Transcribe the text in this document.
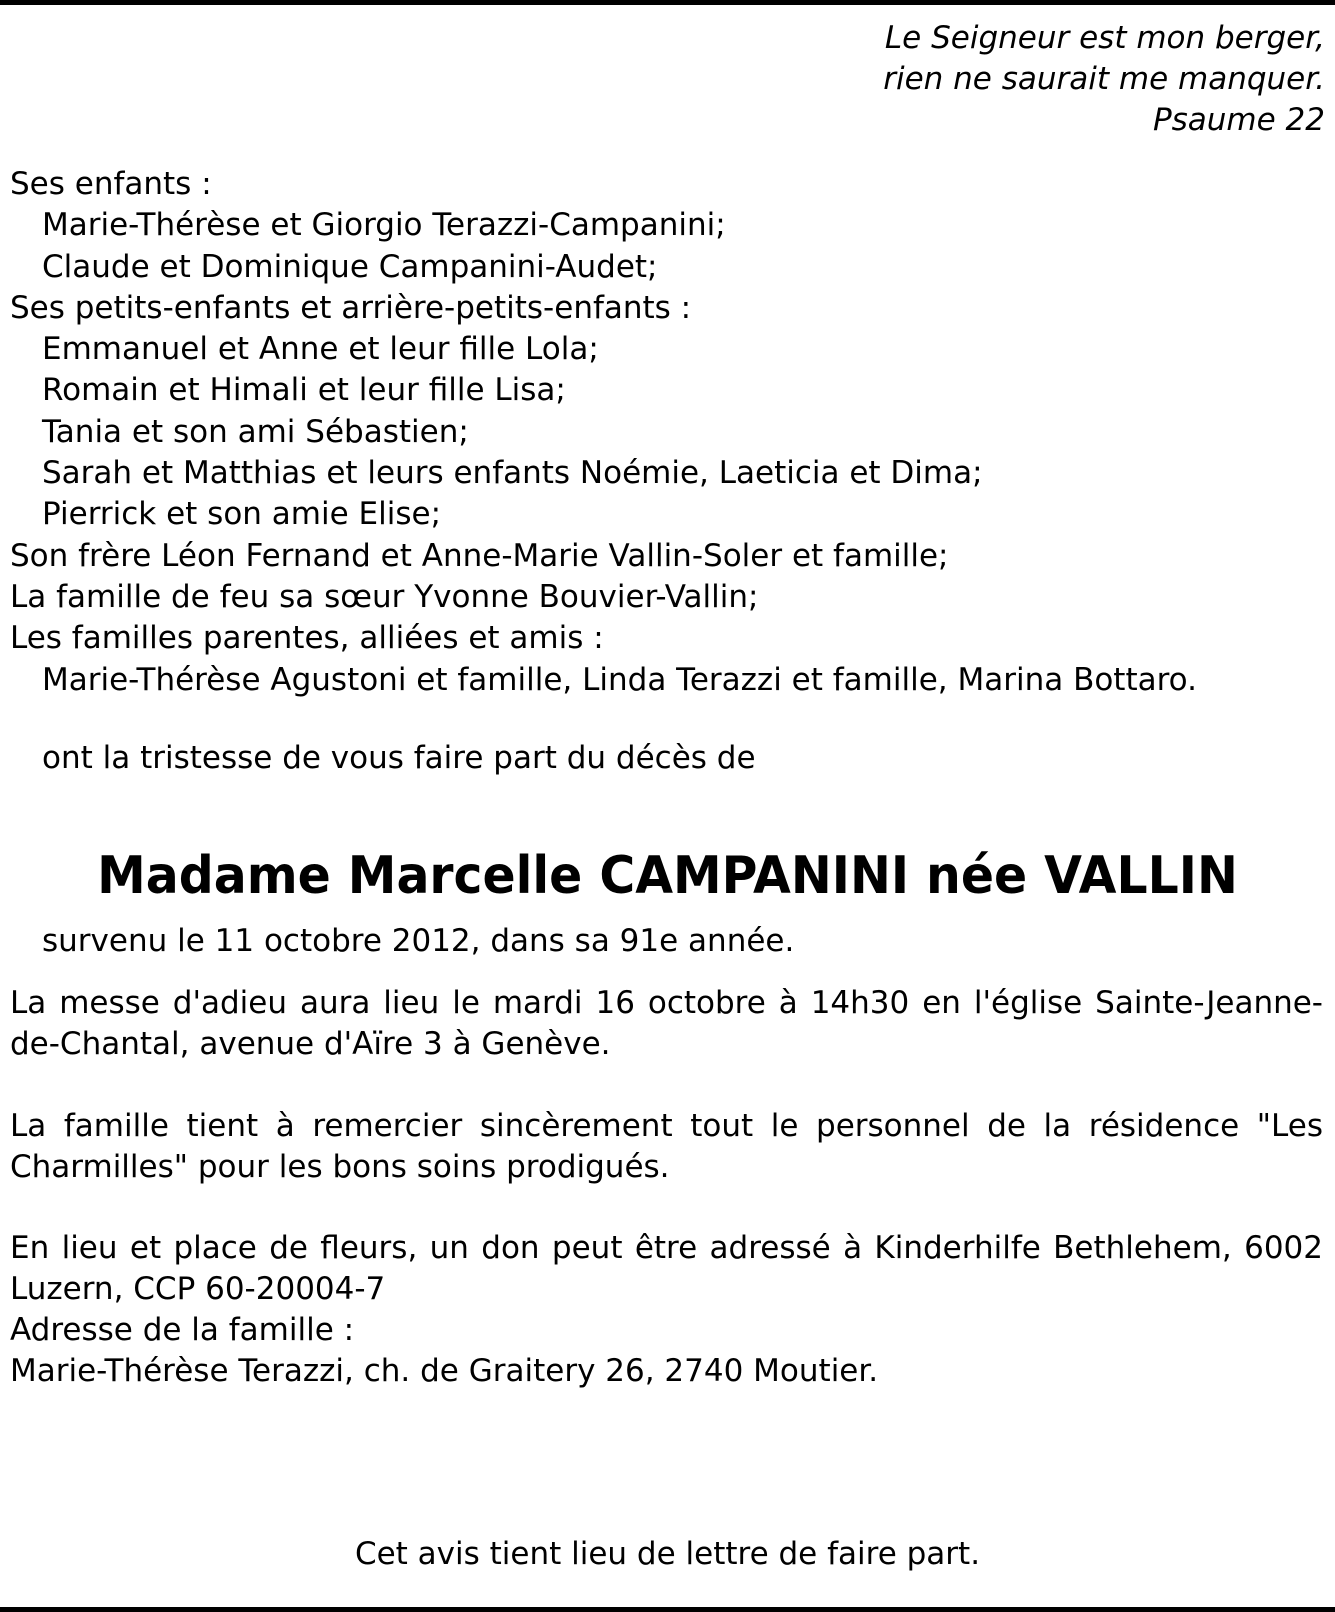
Le Seigneur est mon berger,
rien ne saurait me manquer.
Psaume 22
Ses enfants :
Marie-Thérèse et Giorgio Terazzi-Campanini;
Claude et Dominique Campanini-Audet;
Ses petits-enfants et arrière-petits-enfants :
Emmanuel et Anne et leur fille Lola;
Romain et Himali et leur fille Lisa;
Tania et son ami Sébastien;
Sarah et Matthias et leurs enfants Noémie, Laeticia et Dima;
Pierrick et son amie Elise;
Son frère Léon Fernand et Anne-Marie Vallin-Soler et famille;
La famille de feu sa sœur Yvonne Bouvier-Vallin;
Les familles parentes, alliées et amis :
Marie-Thérèse Agustoni et famille, Linda Terazzi et famille, Marina Bottaro.
ont la tristesse de vous faire part du décès de
Madame Marcelle CAMPANINI née VALLIN
survenu le 11 octobre 2012, dans sa 91e année.
La messe d'adieu aura lieu le mardi 16 octobre à 14h30 en l'église Sainte-Jeanne-de-Chantal, avenue d'Aïre 3 à Genève.
La famille tient à remercier sincèrement tout le personnel de la résidence "Les Charmilles" pour les bons soins prodigués.
En lieu et place de fleurs, un don peut être adressé à Kinderhilfe Bethlehem, 6002 Luzern, CCP 60-20004-7
Adresse de la famille :
Marie-Thérèse Terazzi, ch. de Graitery 26, 2740 Moutier.
Cet avis tient lieu de lettre de faire part.
